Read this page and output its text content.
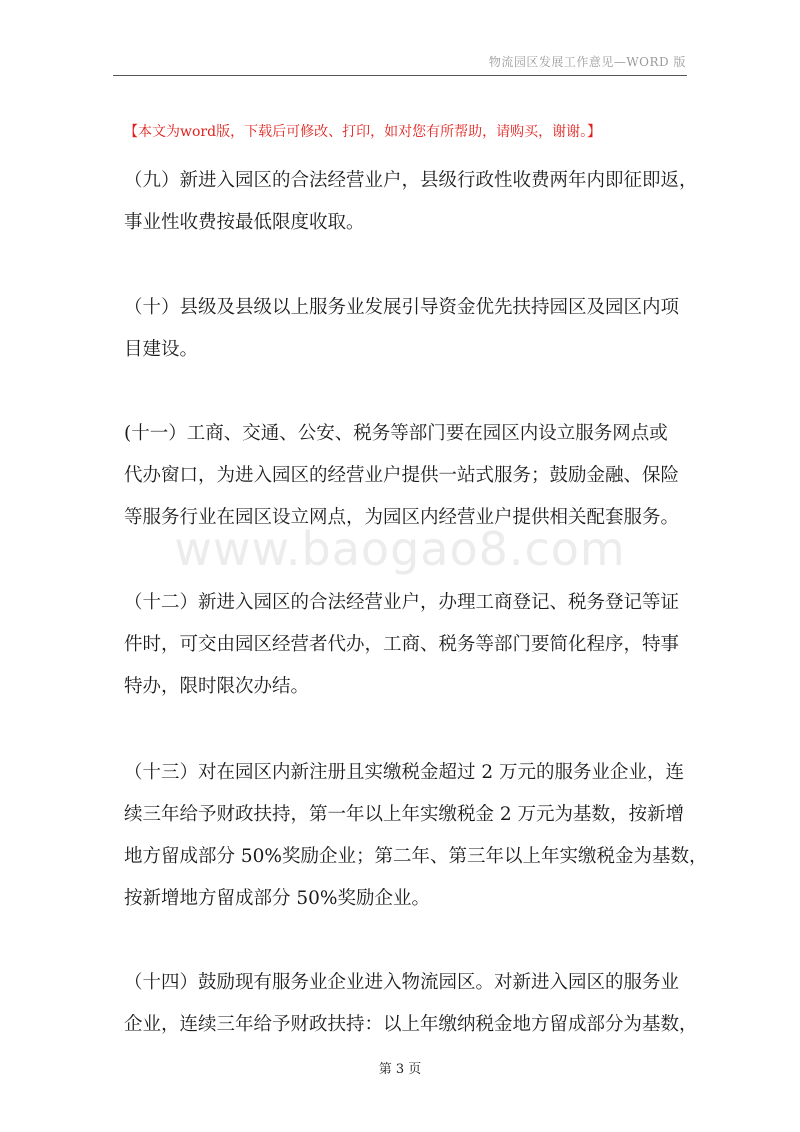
物流园区发展工作意见—WORD 版
【本文为word版，下载后可修改、打印，如对您有所帮助，请购买，谢谢。】
（九）新进入园区的合法经营业户，县级行政性收费两年内即征即返，
事业性收费按最低限度收取。
（十）县级及县级以上服务业发展引导资金优先扶持园区及园区内项
目建设。
(十一）工商、交通、公安、税务等部门要在园区内设立服务网点或
代办窗口，为进入园区的经营业户提供一站式服务；鼓励金融、保险
等服务行业在园区设立网点，为园区内经营业户提供相关配套服务。
www.baogao8.com
（十二）新进入园区的合法经营业户，办理工商登记、税务登记等证
件时，可交由园区经营者代办，工商、税务等部门要简化程序，特事
特办，限时限次办结。
（十三）对在园区内新注册且实缴税金超过 2 万元的服务业企业，连
续三年给予财政扶持，第一年以上年实缴税金 2 万元为基数，按新增
地方留成部分 50%奖励企业；第二年、第三年以上年实缴税金为基数，
按新增地方留成部分 50%奖励企业。
（十四）鼓励现有服务业企业进入物流园区。对新进入园区的服务业
企业，连续三年给予财政扶持：以上年缴纳税金地方留成部分为基数，
第 3 页
